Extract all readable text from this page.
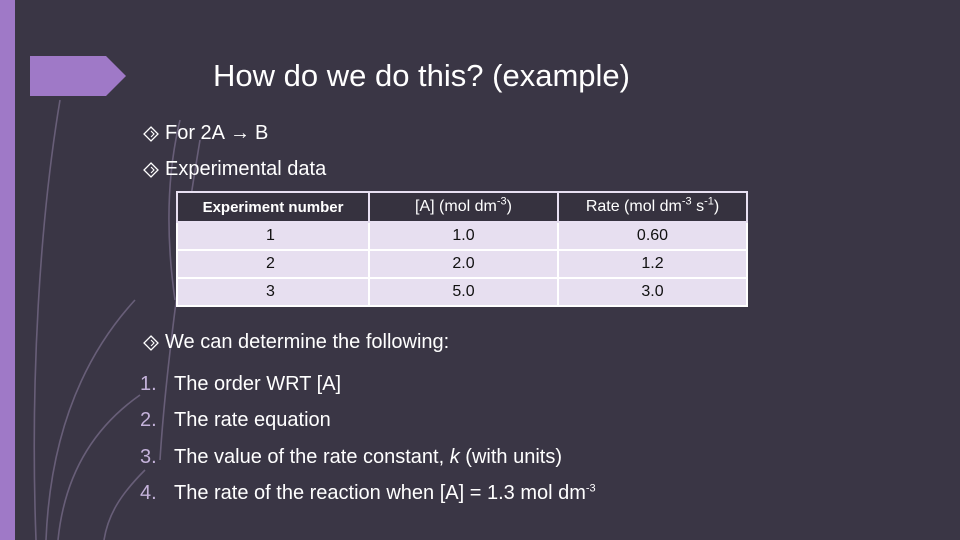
How do we do this? (example)
For 2A → B
Experimental data
Experiment number	[A] (mol $dm^{-3}$)	Rate (mol $dm^{-3}$ $s^{-1}$)
1	1.0	0.60
2	2.0	1.2
3	5.0	3.0
We can determine the following:
1. The order WRT [A]
2. The rate equation
3. The value of the rate constant, k (with units)
4. The rate of the reaction when [A] = 1.3 mol $dm^{-3}$
